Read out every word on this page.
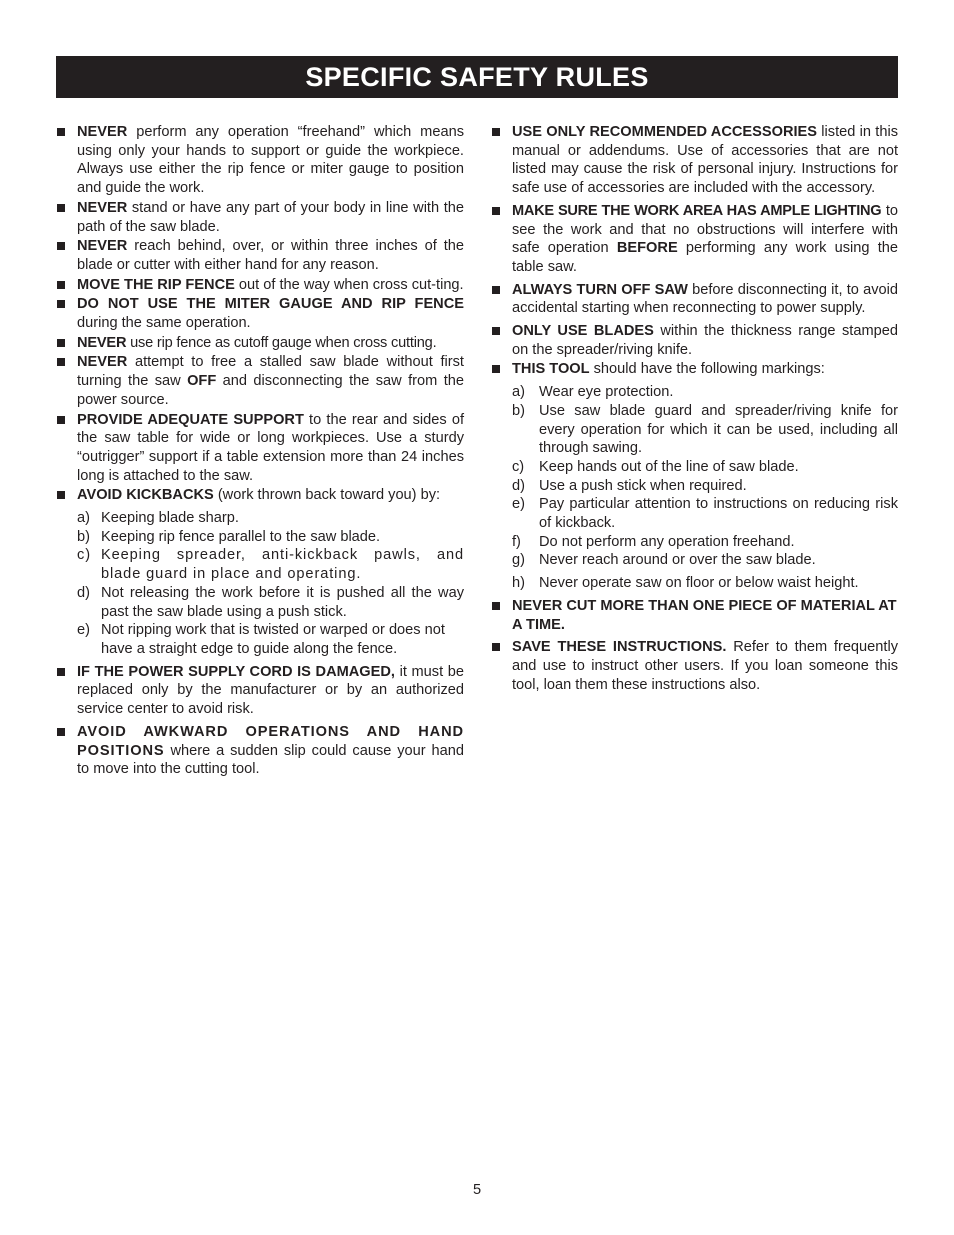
SPECIFIC SAFETY RULES
NEVER perform any operation “freehand” which means using only your hands to support or guide the workpiece. Always use either the rip fence or miter gauge to position and guide the work.
NEVER stand or have any part of your body in line with the path of the saw blade.
NEVER reach behind, over, or within three inches of the blade or cutter with either hand for any reason.
MOVE THE RIP FENCE out of the way when cross cut-ting.
DO NOT USE THE MITER GAUGE AND RIP FENCE during the same operation.
NEVER use rip fence as cutoff gauge when cross cutting.
NEVER attempt to free a stalled saw blade without first turning the saw OFF and disconnecting the saw from the power source.
PROVIDE ADEQUATE SUPPORT to the rear and sides of the saw table for wide or long workpieces. Use a sturdy “outrigger” support if a table extension more than 24 inches long is attached to the saw.
AVOID KICKBACKS (work thrown back toward you) by:
a) Keeping blade sharp.
b) Keeping rip fence parallel to the saw blade.
c) Keeping spreader, anti-kickback pawls, and blade guard in place and operating.
d) Not releasing the work before it is pushed all the way past the saw blade using a push stick.
e) Not ripping work that is twisted or warped or does not have a straight edge to guide along the fence.
IF THE POWER SUPPLY CORD IS DAMAGED, it must be replaced only by the manufacturer or by an authorized service center to avoid risk.
AVOID AWKWARD OPERATIONS AND HAND POSITIONS where a sudden slip could cause your hand to move into the cutting tool.
USE ONLY RECOMMENDED ACCESSORIES listed in this manual or addendums. Use of accessories that are not listed may cause the risk of personal injury. Instructions for safe use of accessories are included with the accessory.
MAKE SURE THE WORK AREA HAS AMPLE LIGHTING to see the work and that no obstructions will interfere with safe operation BEFORE performing any work using the table saw.
ALWAYS TURN OFF SAW before disconnecting it, to avoid accidental starting when reconnecting to power supply.
ONLY USE BLADES within the thickness range stamped on the spreader/riving knife.
THIS TOOL should have the following markings:
a) Wear eye protection.
b) Use saw blade guard and spreader/riving knife for every operation for which it can be used, including all through sawing.
c) Keep hands out of the line of saw blade.
d) Use a push stick when required.
e) Pay particular attention to instructions on reducing risk of kickback.
f) Do not perform any operation freehand.
g) Never reach around or over the saw blade.
h) Never operate saw on floor or below waist height.
NEVER CUT MORE THAN ONE PIECE OF MATERIAL AT A TIME.
SAVE THESE INSTRUCTIONS. Refer to them frequently and use to instruct other users. If you loan someone this tool, loan them these instructions also.
5
